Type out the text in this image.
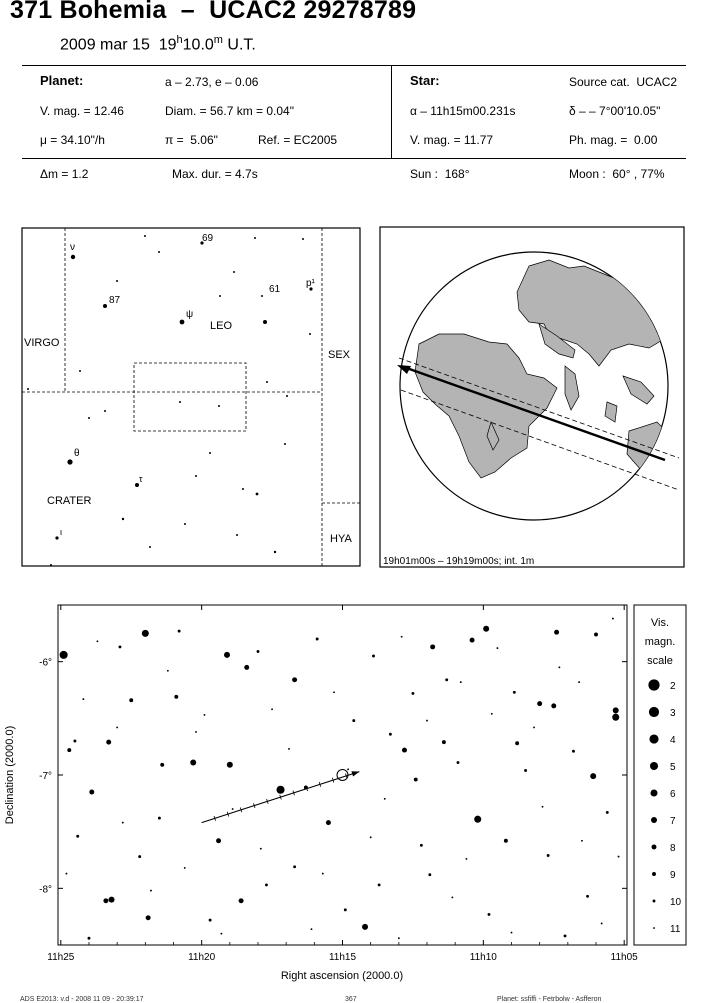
371 Bohemia  –  UCAC2 29278789
2009 mar 15 19$^h$10.0$^m$ U.T.
Planet:	a – 2.73, e – 0.06
V. mag. = 12.46	Diam. = 56.7 km = 0.04"
μ = 34.10"/h	π =  5.06"	Ref. = EC2005
Δm = 1.2	Max. dur. = 4.7s
Star:	Source cat.  UCAC2
α – 11h15m00.231s	δ – – 7°00'10.05"
V. mag. = 11.77	Ph. mag. =  0.00
Sun :  168°	Moon :  60° , 77%
VIRGO
LEO
SEX
CRATER
HYA
ν
69
87
ψ
61
p¹
θ
τ
ι
19h01m00s – 19h19m00s; int. 1m
11h25	11h20	11h15	11h10	11h05
-6°
-7°
-8°
Right ascension (2000.0)
Declination (2000.0)
Vis.
magn.
scale
2
3
4
5
6
7
8
9
10
11
ADS E2013: v.d - 2008 11 09 - 20:39:17	367	Planet: ssfiffi - Fetrbolw - Asfferon
